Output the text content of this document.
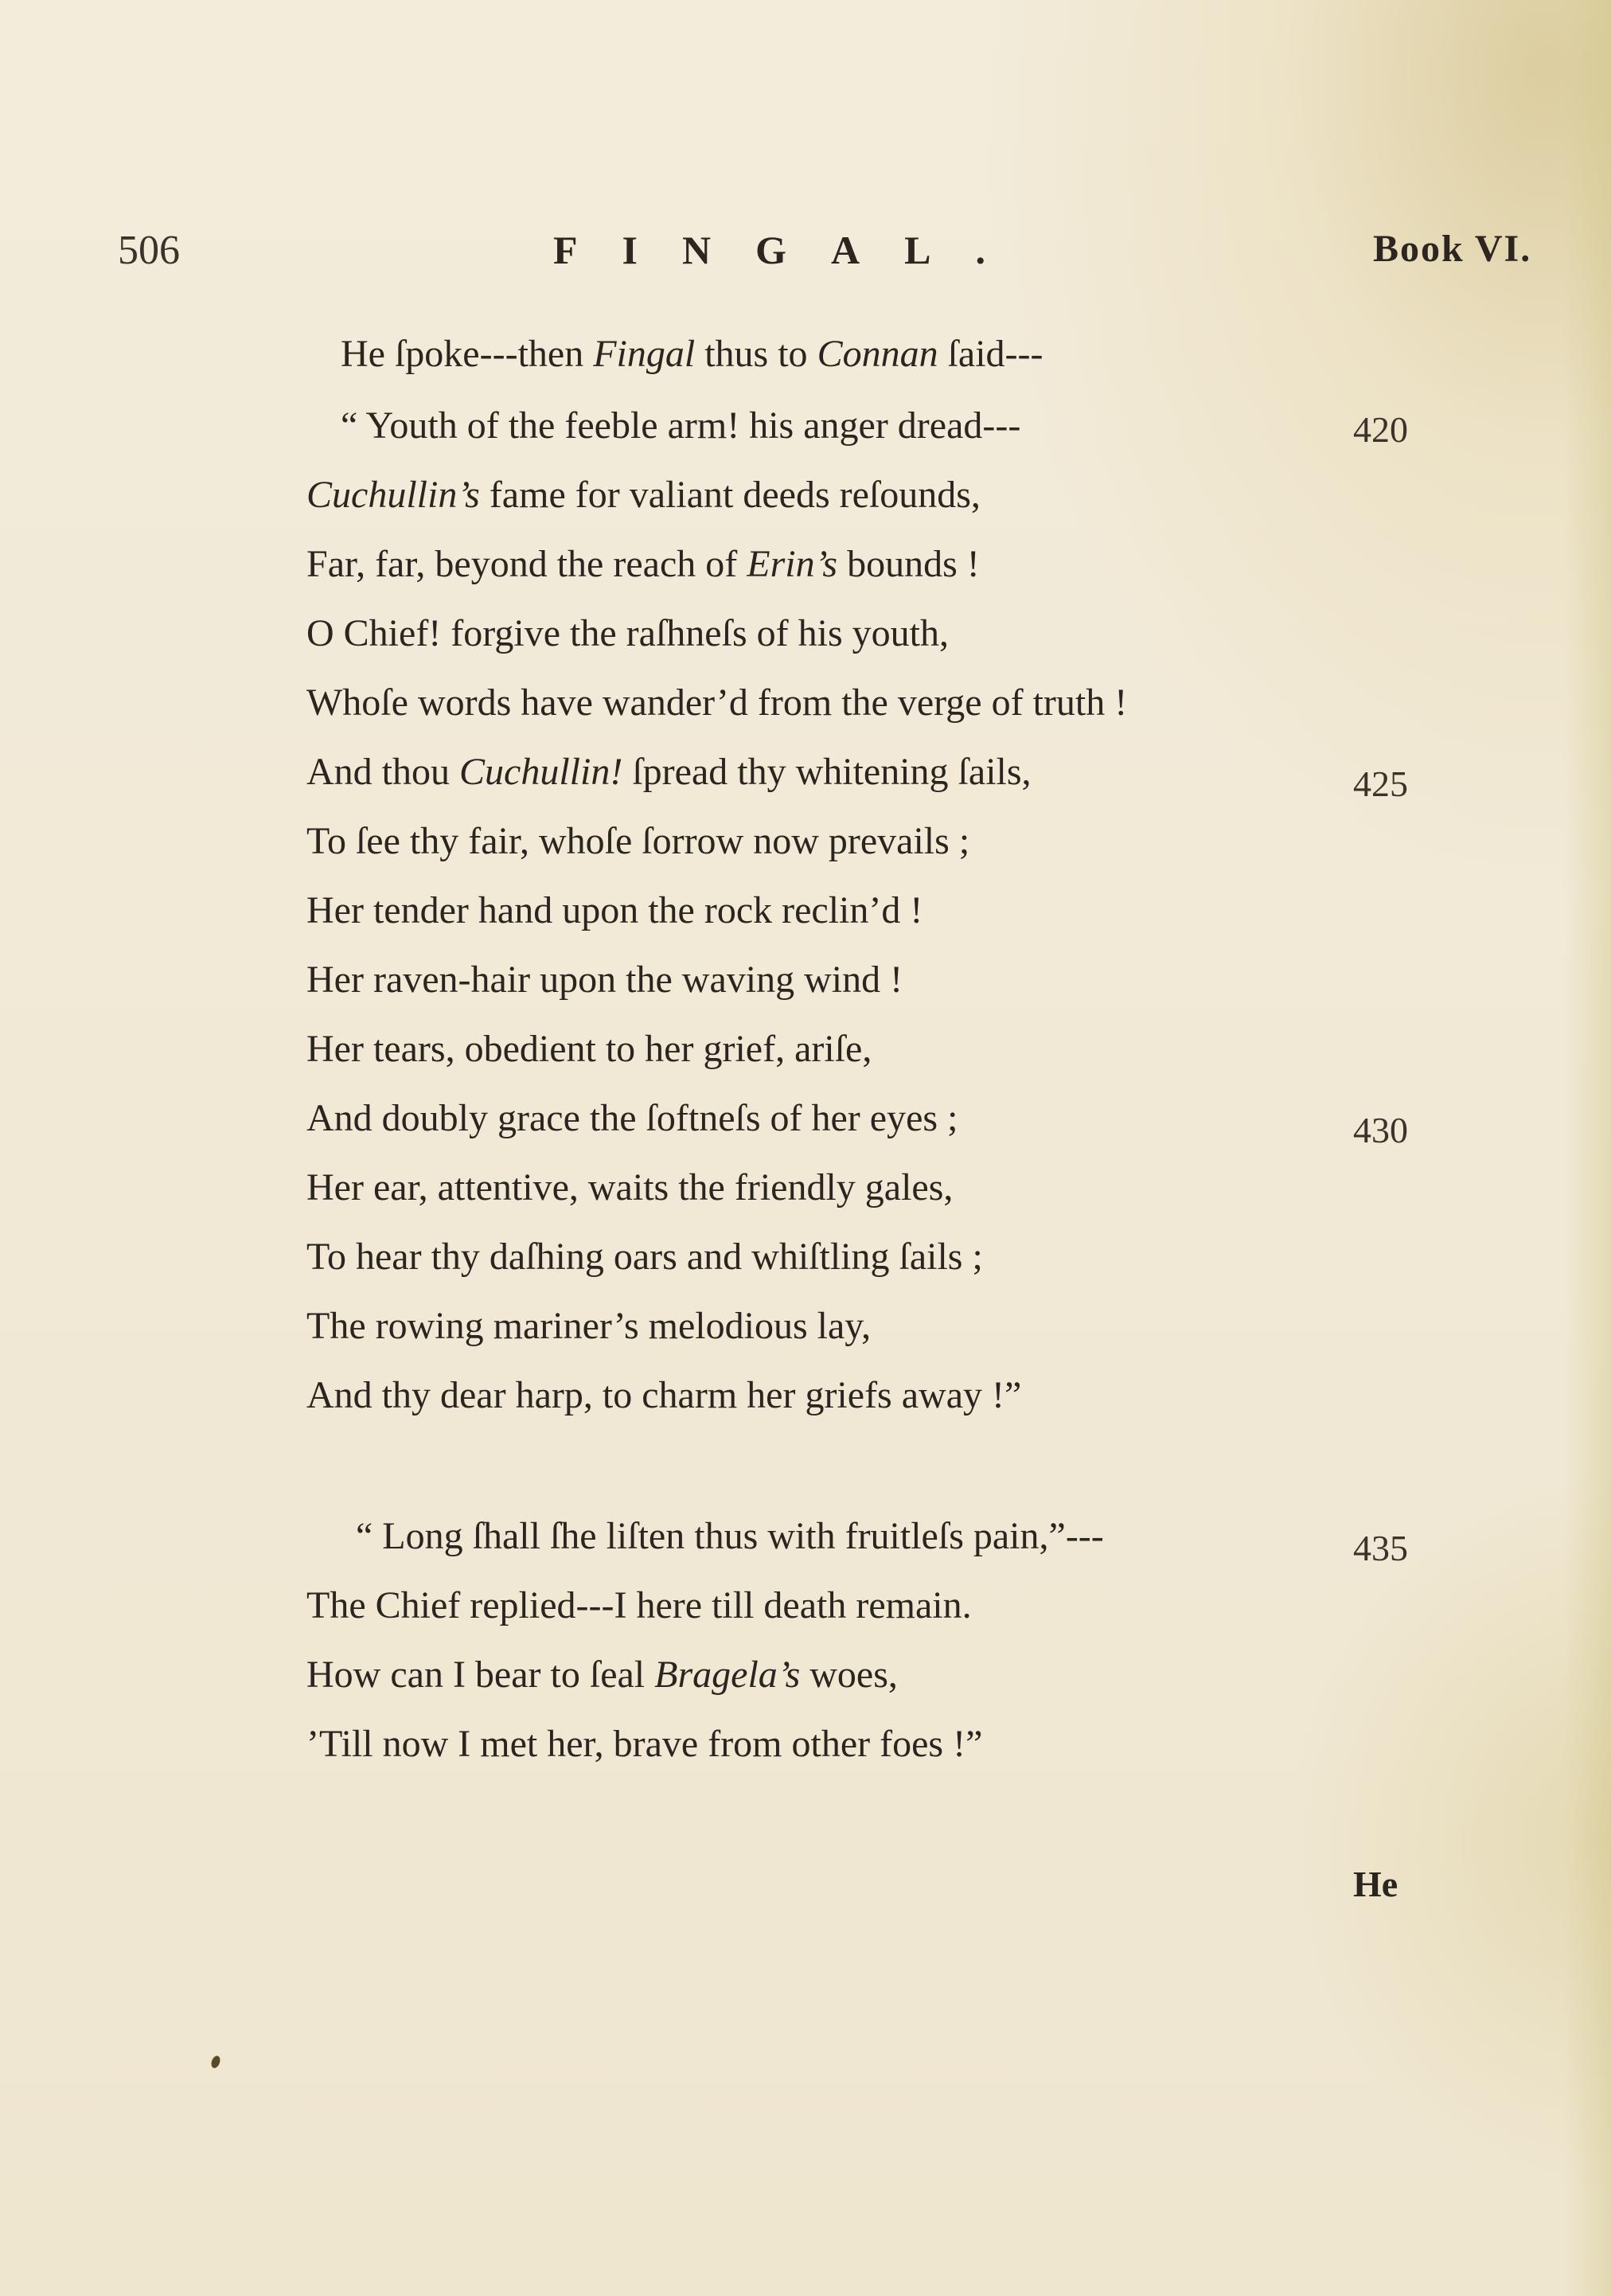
506	FINGAL.	Book VI.
He ſpoke---then Fingal thus to Connan ſaid---
“ Youth of the feeble arm! his anger dread---
Cuchullin’s fame for valiant deeds reſounds,
Far, far, beyond the reach of Erin’s bounds !
O Chief! forgive the raſhneſs of his youth,
Whoſe words have wander’d from the verge of truth !
And thou Cuchullin! ſpread thy whitening ſails,
To ſee thy fair, whoſe ſorrow now prevails ;
Her tender hand upon the rock reclin’d !
Her raven-hair upon the waving wind !
Her tears, obedient to her grief, ariſe,
And doubly grace the ſoftneſs of her eyes ;
Her ear, attentive, waits the friendly gales,
To hear thy daſhing oars and whiſtling ſails ;
The rowing mariner’s melodious lay,
And thy dear harp, to charm her griefs away !”
“ Long ſhall ſhe liſten thus with fruitleſs pain,”---
The Chief replied---I here till death remain.
How can I bear to ſeal Bragela’s woes,
’Till now I met her, brave from other foes !”
420
425
430
435
He
